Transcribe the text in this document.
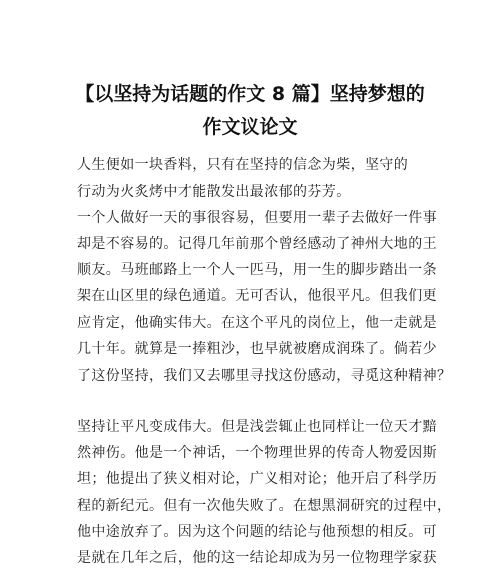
【以坚持为话题的作文 8 篇】坚持梦想的
作文议论文
人生便如一块香料，只有在坚持的信念为柴，坚守的
行动为火炙烤中才能散发出最浓郁的芬芳。
一个人做好一天的事很容易，但要用一辈子去做好一件事
却是不容易的。记得几年前那个曾经感动了神州大地的王
顺友。马班邮路上一个人一匹马，用一生的脚步踏出一条
架在山区里的绿色通道。无可否认，他很平凡。但我们更
应肯定，他确实伟大。在这个平凡的岗位上，他一走就是
几十年。就算是一捧粗沙，也早就被磨成润珠了。倘若少
了这份坚持，我们又去哪里寻找这份感动，寻觅这种精神？
坚持让平凡变成伟大。但是浅尝辄止也同样让一位天才黯
然神伤。他是一个神话，一个物理世界的传奇人物爱因斯
坦；他提出了狭义相对论，广义相对论；他开启了科学历
程的新纪元。但有一次他失败了。在想黑洞研究的过程中，
他中途放弃了。因为这个问题的结论与他预想的相反。可
是就在几年之后，他的这一结论却成为另一位物理学家获
